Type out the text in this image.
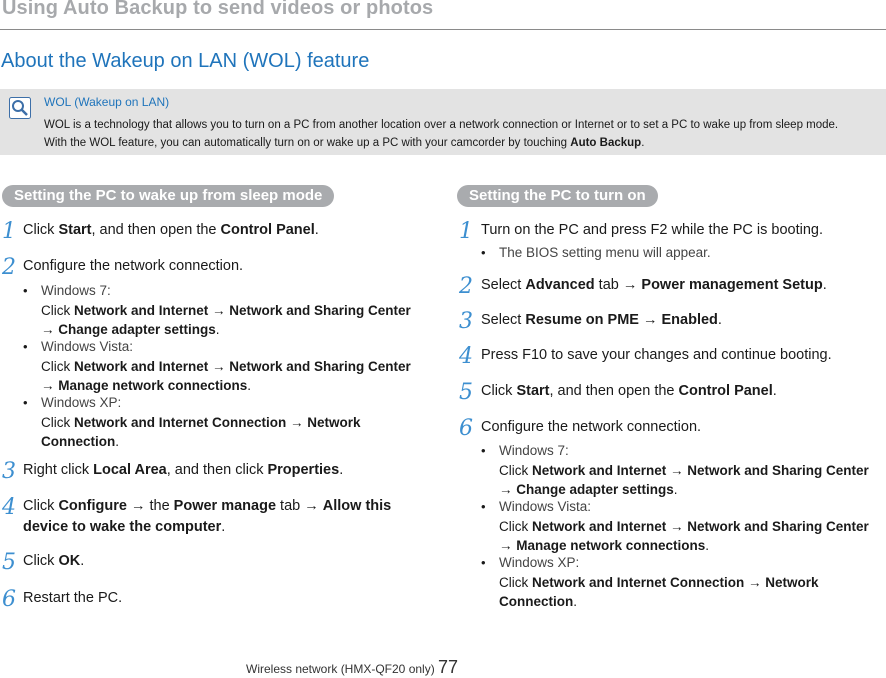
Using Auto Backup to send videos or photos
About the Wakeup on LAN (WOL) feature
WOL (Wakeup on LAN)
WOL is a technology that allows you to turn on a PC from another location over a network connection or Internet or to set a PC to wake up from sleep mode.
With the WOL feature, you can automatically turn on or wake up a PC with your camcorder by touching Auto Backup.
Setting the PC to wake up from sleep mode
1 Click Start, and then open the Control Panel.
2 Configure the network connection.
• Windows 7:
Click Network and Internet → Network and Sharing Center
→ Change adapter settings.
• Windows Vista:
Click Network and Internet → Network and Sharing Center
→ Manage network connections.
• Windows XP:
Click Network and Internet Connection → Network
Connection.
3 Right click Local Area, and then click Properties.
4 Click Configure → the Power manage tab → Allow this
device to wake the computer.
5 Click OK.
6 Restart the PC.
Setting the PC to turn on
1 Turn on the PC and press F2 while the PC is booting.
• The BIOS setting menu will appear.
2 Select Advanced tab → Power management Setup.
3 Select Resume on PME → Enabled.
4 Press F10 to save your changes and continue booting.
5 Click Start, and then open the Control Panel.
6 Configure the network connection.
• Windows 7:
Click Network and Internet → Network and Sharing Center
→ Change adapter settings.
• Windows Vista:
Click Network and Internet → Network and Sharing Center
→ Manage network connections.
• Windows XP:
Click Network and Internet Connection → Network
Connection.
Wireless network (HMX-QF20 only) 77
